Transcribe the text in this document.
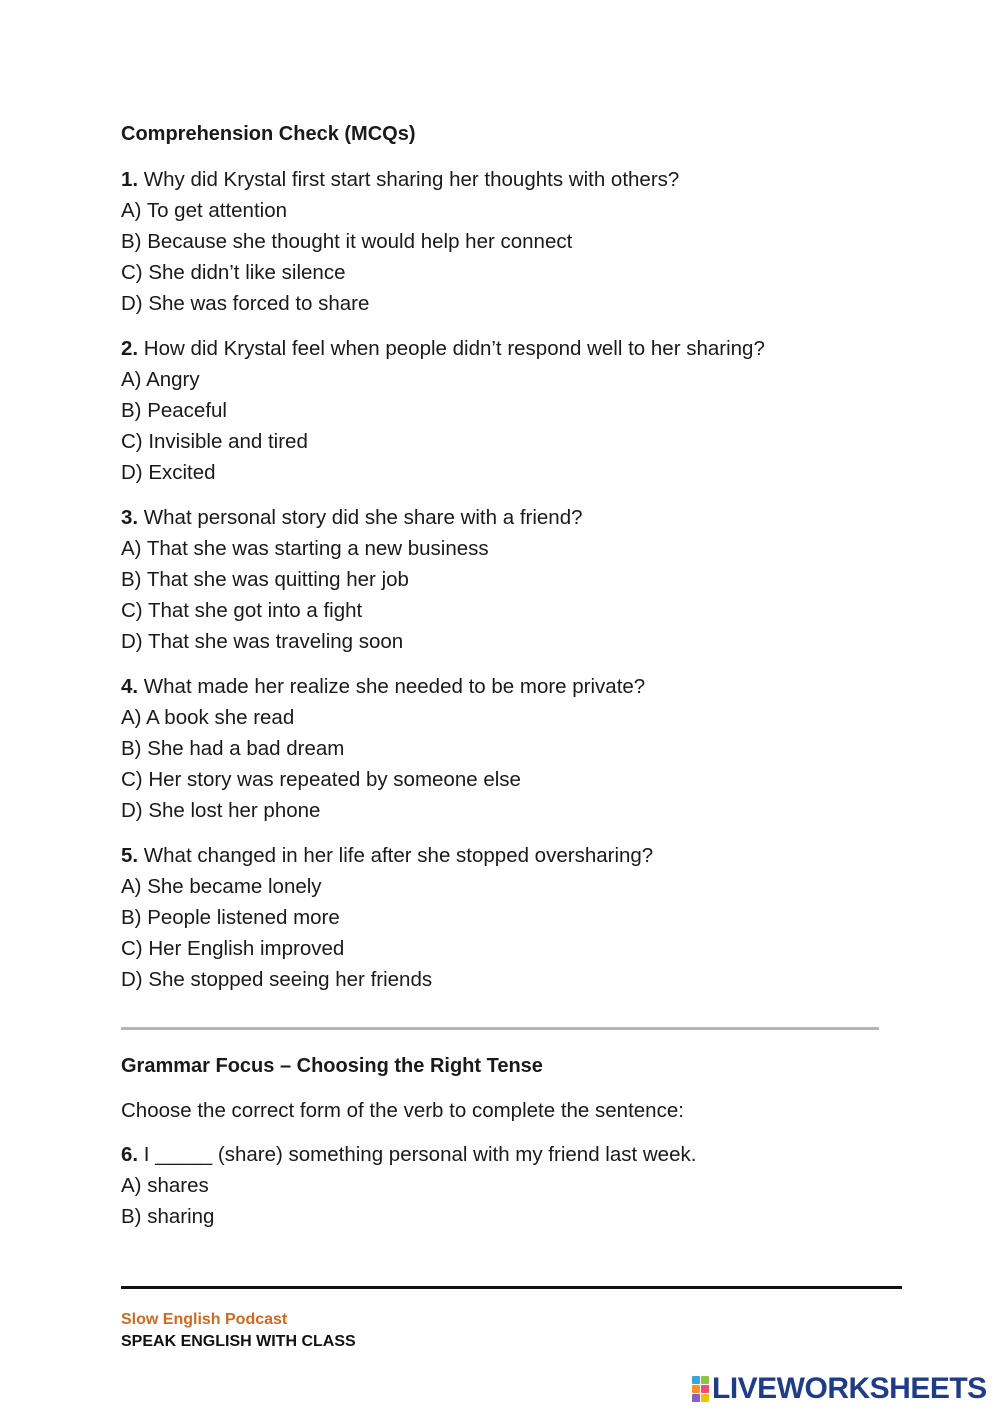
Comprehension Check (MCQs)
1. Why did Krystal first start sharing her thoughts with others?
A) To get attention
B) Because she thought it would help her connect
C) She didn’t like silence
D) She was forced to share
2. How did Krystal feel when people didn’t respond well to her sharing?
A) Angry
B) Peaceful
C) Invisible and tired
D) Excited
3. What personal story did she share with a friend?
A) That she was starting a new business
B) That she was quitting her job
C) That she got into a fight
D) That she was traveling soon
4. What made her realize she needed to be more private?
A) A book she read
B) She had a bad dream
C) Her story was repeated by someone else
D) She lost her phone
5. What changed in her life after she stopped oversharing?
A) She became lonely
B) People listened more
C) Her English improved
D) She stopped seeing her friends
Grammar Focus – Choosing the Right Tense
Choose the correct form of the verb to complete the sentence:
6. I _____ (share) something personal with my friend last week.
A) shares
B) sharing
Slow English Podcast
SPEAK ENGLISH WITH CLASS
LIVEWORKSHEETS
